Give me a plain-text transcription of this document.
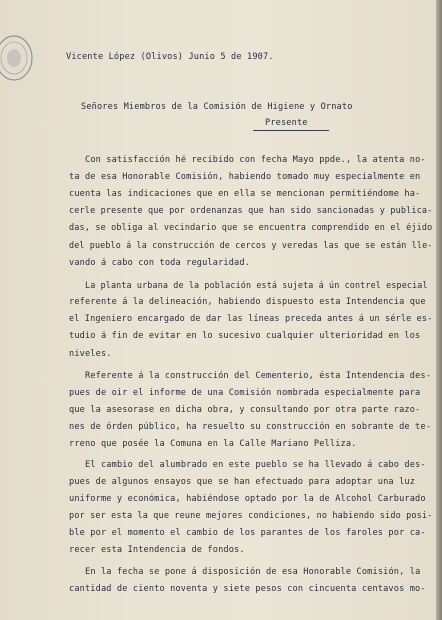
Vicente López (Olivos) Junio 5 de 1907.
Señores Miembros de la Comisión de Higiene y Ornato
Presente
Con satisfacción hé recibido con fecha Mayo ppde., la atenta no-
ta de esa Honorable Comisión, habiendo tomado muy especialmente en
cuenta las indicaciones que en ella se mencionan permitiéndome ha-
cerle presente que por ordenanzas que han sido sancionadas y publica-
das, se obliga al vecindario que se encuentra comprendido en el éjido
del pueblo á la construcción de cercos y veredas las que se están lle-
vando á cabo con toda regularidad.
La planta urbana de la población está sujeta á ún contrel especial
referente á la delineación, habiendo dispuesto esta Intendencia que
el Ingeniero encargado de dar las líneas preceda antes á un sérle es-
tudio á fin de evitar en lo sucesivo cualquier ulterioridad en los
niveles.
Referente á la construcción del Cementerio, ésta Intendencia des-
pues de oir el informe de una Comisión nombrada especialmente para
que la asesorase en dicha obra, y consultando por otra parte razo-
nes de órden público, ha resuelto su construcción en sobrante de te-
rreno que posée la Comuna en la Calle Mariano Pelliza.
El cambio del alumbrado en este pueblo se ha llevado á cabo des-
pues de algunos ensayos que se han efectuado para adoptar una luz
uniforme y económica, habiéndose optado por la de Alcohol Carburado
por ser esta la que reune mejores condiciones, no habiendo sido posi-
ble por el momento el cambio de los parantes de los faroles por ca-
recer esta Intendencia de fondos.
En la fecha se pone á disposición de esa Honorable Comisión, la
cantidad de ciento noventa y siete pesos con cincuenta centavos mo-
